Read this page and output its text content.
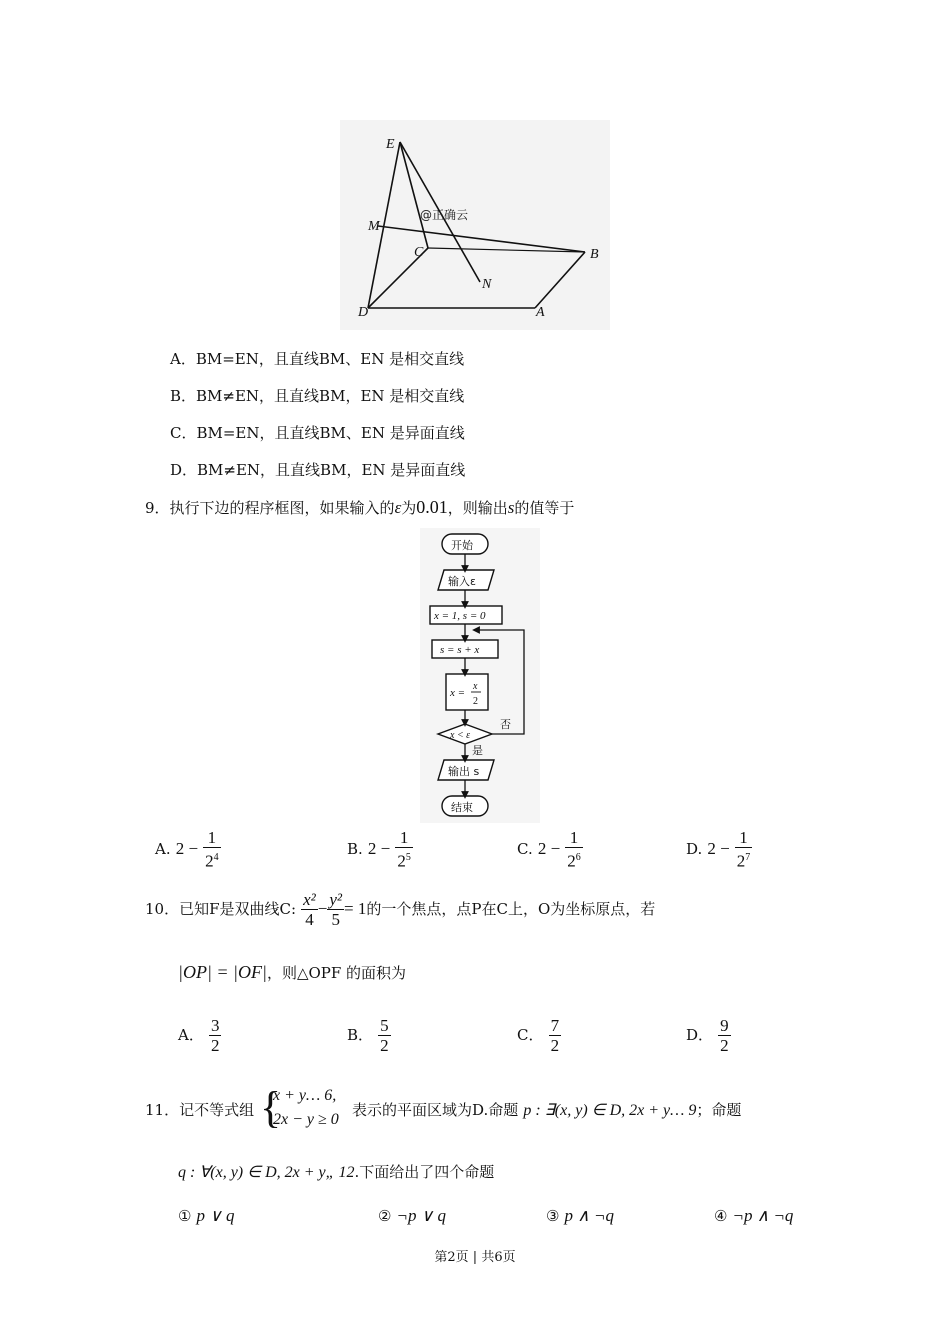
E
M
C
N
B
D	A
@正确云
A．BM=EN，且直线BM、EN 是相交直线
B．BM≠EN，且直线BM，EN 是相交直线
C．BM=EN，且直线BM、EN 是异面直线
D．BM≠EN，且直线BM，EN 是异面直线
9．执行下边的程序框图，如果输入的ε为0.01，则输出s的值等于
开始
输入ε
x = 1, s = 0
s = s + x
x =
x
2
x < ε
否
是
输出 s
结束
A. $2 - \frac{1}{2^4}$	B. $2 - \frac{1}{2^5}$	C. $2 - \frac{1}{2^6}$	D. $2 - \frac{1}{2^7}$
10．已知F是双曲线C: $\frac{\text{x²}}{4} - \frac{\text{y²}}{5} = 1$的一个焦点，点P在C上，O为坐标原点，若
|OP| = |OF|，则△OPF 的面积为
A． $\frac{3}{2}$	B． $\frac{5}{2}$	C． $\frac{7}{2}$	D． $\frac{9}{2}$
11．记不等式组 {
x + y… 6,
2x − y ≥ 0
表示的平面区域为D.命题 p : ∃(x, y) ∈ D, 2x + y… 9；命题
q : ∀(x, y) ∈ D, 2x + y„ 12.下面给出了四个命题
① p ∨ q	② ¬p ∨ q	③ p ∧ ¬q	④ ¬p ∧ ¬q
第2页 | 共6页
